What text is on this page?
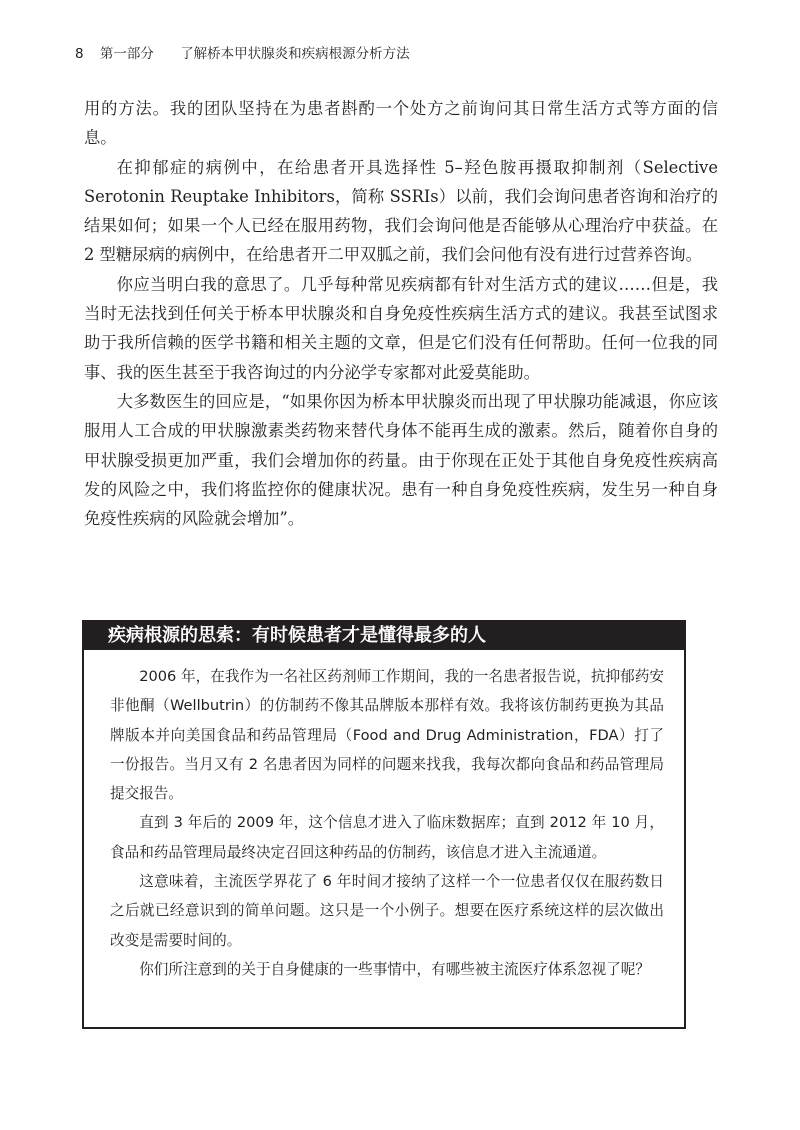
8 第一部分 了解桥本甲状腺炎和疾病根源分析方法

用的方法。我的团队坚持在为患者斟酌一个处方之前询问其日常生活方式等方面的信息。

在抑郁症的病例中，在给患者开具选择性 5–羟色胺再摄取抑制剂（Selective Serotonin Reuptake Inhibitors，简称 SSRIs）以前，我们会询问患者咨询和治疗的结果如何；如果一个人已经在服用药物，我们会询问他是否能够从心理治疗中获益。在 2 型糖尿病的病例中，在给患者开二甲双胍之前，我们会问他有没有进行过营养咨询。

你应当明白我的意思了。几乎每种常见疾病都有针对生活方式的建议……但是，我当时无法找到任何关于桥本甲状腺炎和自身免疫性疾病生活方式的建议。我甚至试图求助于我所信赖的医学书籍和相关主题的文章，但是它们没有任何帮助。任何一位我的同事、我的医生甚至于我咨询过的内分泌学专家都对此爱莫能助。

大多数医生的回应是，“如果你因为桥本甲状腺炎而出现了甲状腺功能减退，你应该服用人工合成的甲状腺激素类药物来替代身体不能再生成的激素。然后，随着你自身的甲状腺受损更加严重，我们会增加你的药量。由于你现在正处于其他自身免疫性疾病高发的风险之中，我们将监控你的健康状况。患有一种自身免疫性疾病，发生另一种自身免疫性疾病的风险就会增加”。

疾病根源的思索：有时候患者才是懂得最多的人

2006 年，在我作为一名社区药剂师工作期间，我的一名患者报告说，抗抑郁药安非他酮（Wellbutrin）的仿制药不像其品牌版本那样有效。我将该仿制药更换为其品牌版本并向美国食品和药品管理局（Food and Drug Administration，FDA）打了一份报告。当月又有 2 名患者因为同样的问题来找我，我每次都向食品和药品管理局提交报告。

直到 3 年后的 2009 年，这个信息才进入了临床数据库；直到 2012 年 10 月，食品和药品管理局最终决定召回这种药品的仿制药，该信息才进入主流通道。

这意味着，主流医学界花了 6 年时间才接纳了这样一个一位患者仅仅在服药数日之后就已经意识到的简单问题。这只是一个小例子。想要在医疗系统这样的层次做出改变是需要时间的。

你们所注意到的关于自身健康的一些事情中，有哪些被主流医疗体系忽视了呢？
